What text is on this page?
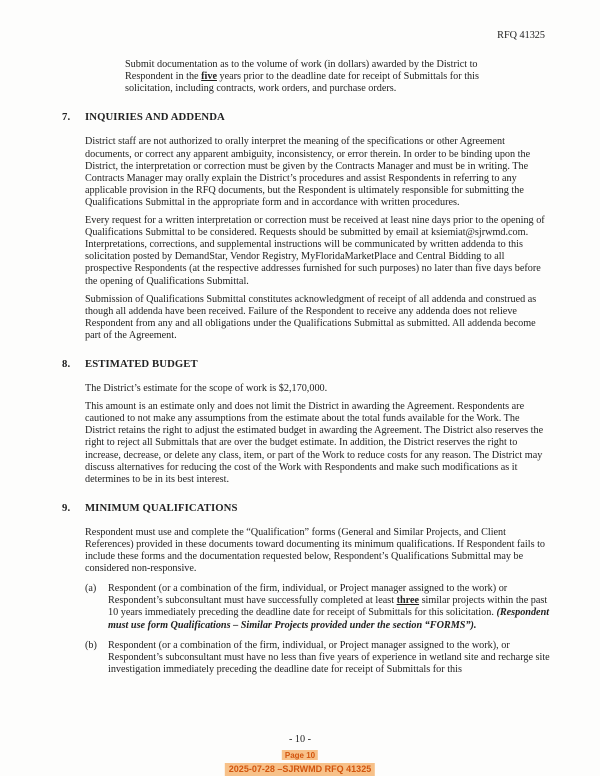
RFQ 41325

Submit documentation as to the volume of work (in dollars) awarded by the District to Respondent in the five years prior to the deadline date for receipt of Submittals for this solicitation, including contracts, work orders, and purchase orders.

7.	INQUIRIES AND ADDENDA

District staff are not authorized to orally interpret the meaning of the specifications or other Agreement documents, or correct any apparent ambiguity, inconsistency, or error therein. In order to be binding upon the District, the interpretation or correction must be given by the Contracts Manager and must be in writing. The Contracts Manager may orally explain the District’s procedures and assist Respondents in referring to any applicable provision in the RFQ documents, but the Respondent is ultimately responsible for submitting the Qualifications Submittal in the appropriate form and in accordance with written procedures.

Every request for a written interpretation or correction must be received at least nine days prior to the opening of Qualifications Submittal to be considered. Requests should be submitted by email at ksiemiat@sjrwmd.com. Interpretations, corrections, and supplemental instructions will be communicated by written addenda to this solicitation posted by DemandStar, Vendor Registry, MyFloridaMarketPlace and Central Bidding to all prospective Respondents (at the respective addresses furnished for such purposes) no later than five days before the opening of Qualifications Submittal.

Submission of Qualifications Submittal constitutes acknowledgment of receipt of all addenda and construed as though all addenda have been received. Failure of the Respondent to receive any addenda does not relieve Respondent from any and all obligations under the Qualifications Submittal as submitted. All addenda become part of the Agreement.

8.	ESTIMATED BUDGET

The District’s estimate for the scope of work is $2,170,000.

This amount is an estimate only and does not limit the District in awarding the Agreement. Respondents are cautioned to not make any assumptions from the estimate about the total funds available for the Work. The District retains the right to adjust the estimated budget in awarding the Agreement. The District also reserves the right to reject all Submittals that are over the budget estimate. In addition, the District reserves the right to increase, decrease, or delete any class, item, or part of the Work to reduce costs for any reason. The District may discuss alternatives for reducing the cost of the Work with Respondents and make such modifications as it determines to be in its best interest.

9.	MINIMUM QUALIFICATIONS

Respondent must use and complete the “Qualification” forms (General and Similar Projects, and Client References) provided in these documents toward documenting its minimum qualifications. If Respondent fails to include these forms and the documentation requested below, Respondent’s Qualifications Submittal may be considered non-responsive.

(a) Respondent (or a combination of the firm, individual, or Project manager assigned to the work) or Respondent’s subconsultant must have successfully completed at least three similar projects within the past 10 years immediately preceding the deadline date for receipt of Submittals for this solicitation. (Respondent must use form Qualifications – Similar Projects provided under the section “FORMS”).
(b) Respondent (or a combination of the firm, individual, or Project manager assigned to the work), or Respondent’s subconsultant must have no less than five years of experience in wetland site and recharge site investigation immediately preceding the deadline date for receipt of Submittals for this
- 10 -
Page 10
2025-07-28 –SJRWMD RFQ 41325
